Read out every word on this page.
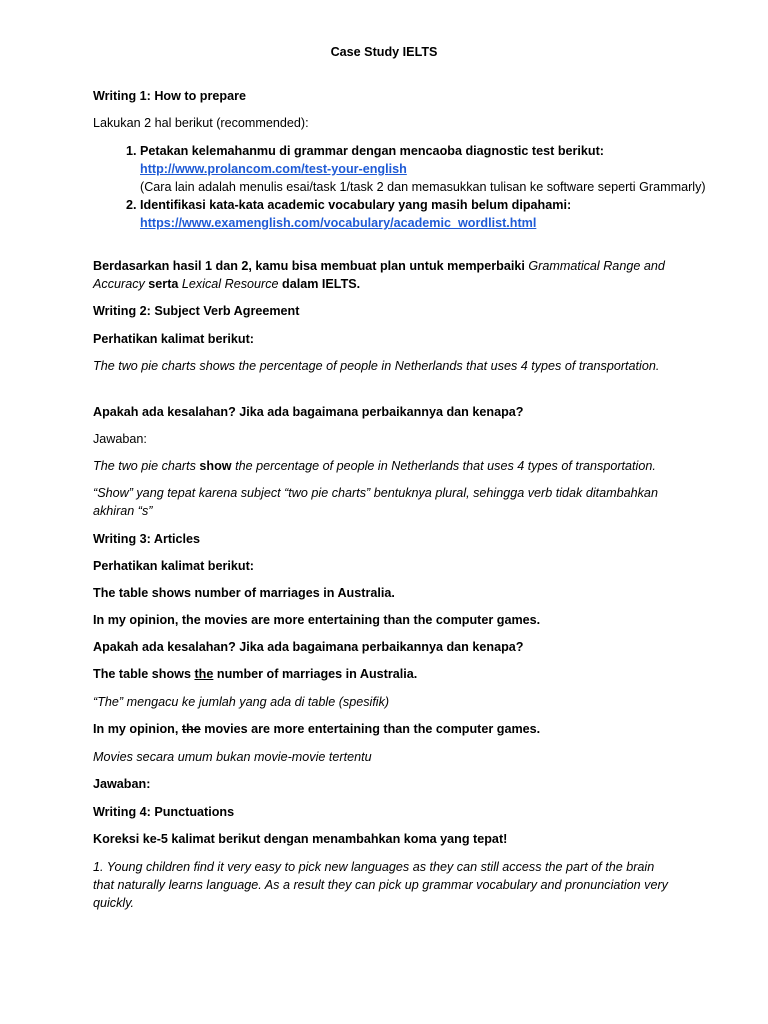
Case Study IELTS

Writing 1: How to prepare

Lakukan 2 hal berikut (recommended):

1. Petakan kelemahanmu di grammar dengan mencaoba diagnostic test berikut:
http://www.prolancom.com/test-your-english
(Cara lain adalah menulis esai/task 1/task 2 dan memasukkan tulisan ke software seperti Grammarly)
2. Identifikasi kata-kata academic vocabulary yang masih belum dipahami:
https://www.examenglish.com/vocabulary/academic_wordlist.html

Berdasarkan hasil 1 dan 2, kamu bisa membuat plan untuk memperbaiki Grammatical Range and Accuracy serta Lexical Resource dalam IELTS.

Writing 2: Subject Verb Agreement

Perhatikan kalimat berikut:

The two pie charts shows the percentage of people in Netherlands that uses 4 types of transportation.

Apakah ada kesalahan? Jika ada bagaimana perbaikannya dan kenapa?

Jawaban:

The two pie charts show the percentage of people in Netherlands that uses 4 types of transportation.

“Show” yang tepat karena subject “two pie charts” bentuknya plural, sehingga verb tidak ditambahkan akhiran “s”

Writing 3: Articles

Perhatikan kalimat berikut:

The table shows number of marriages in Australia.

In my opinion, the movies are more entertaining than the computer games.

Apakah ada kesalahan? Jika ada bagaimana perbaikannya dan kenapa?

The table shows the number of marriages in Australia.

“The” mengacu ke jumlah yang ada di table (spesifik)

In my opinion, the movies are more entertaining than the computer games.

Movies secara umum bukan movie-movie tertentu

Jawaban:

Writing 4: Punctuations

Koreksi ke-5 kalimat berikut dengan menambahkan koma yang tepat!

1. Young children find it very easy to pick new languages as they can still access the part of the brain that naturally learns language. As a result they can pick up grammar vocabulary and pronunciation very quickly.
